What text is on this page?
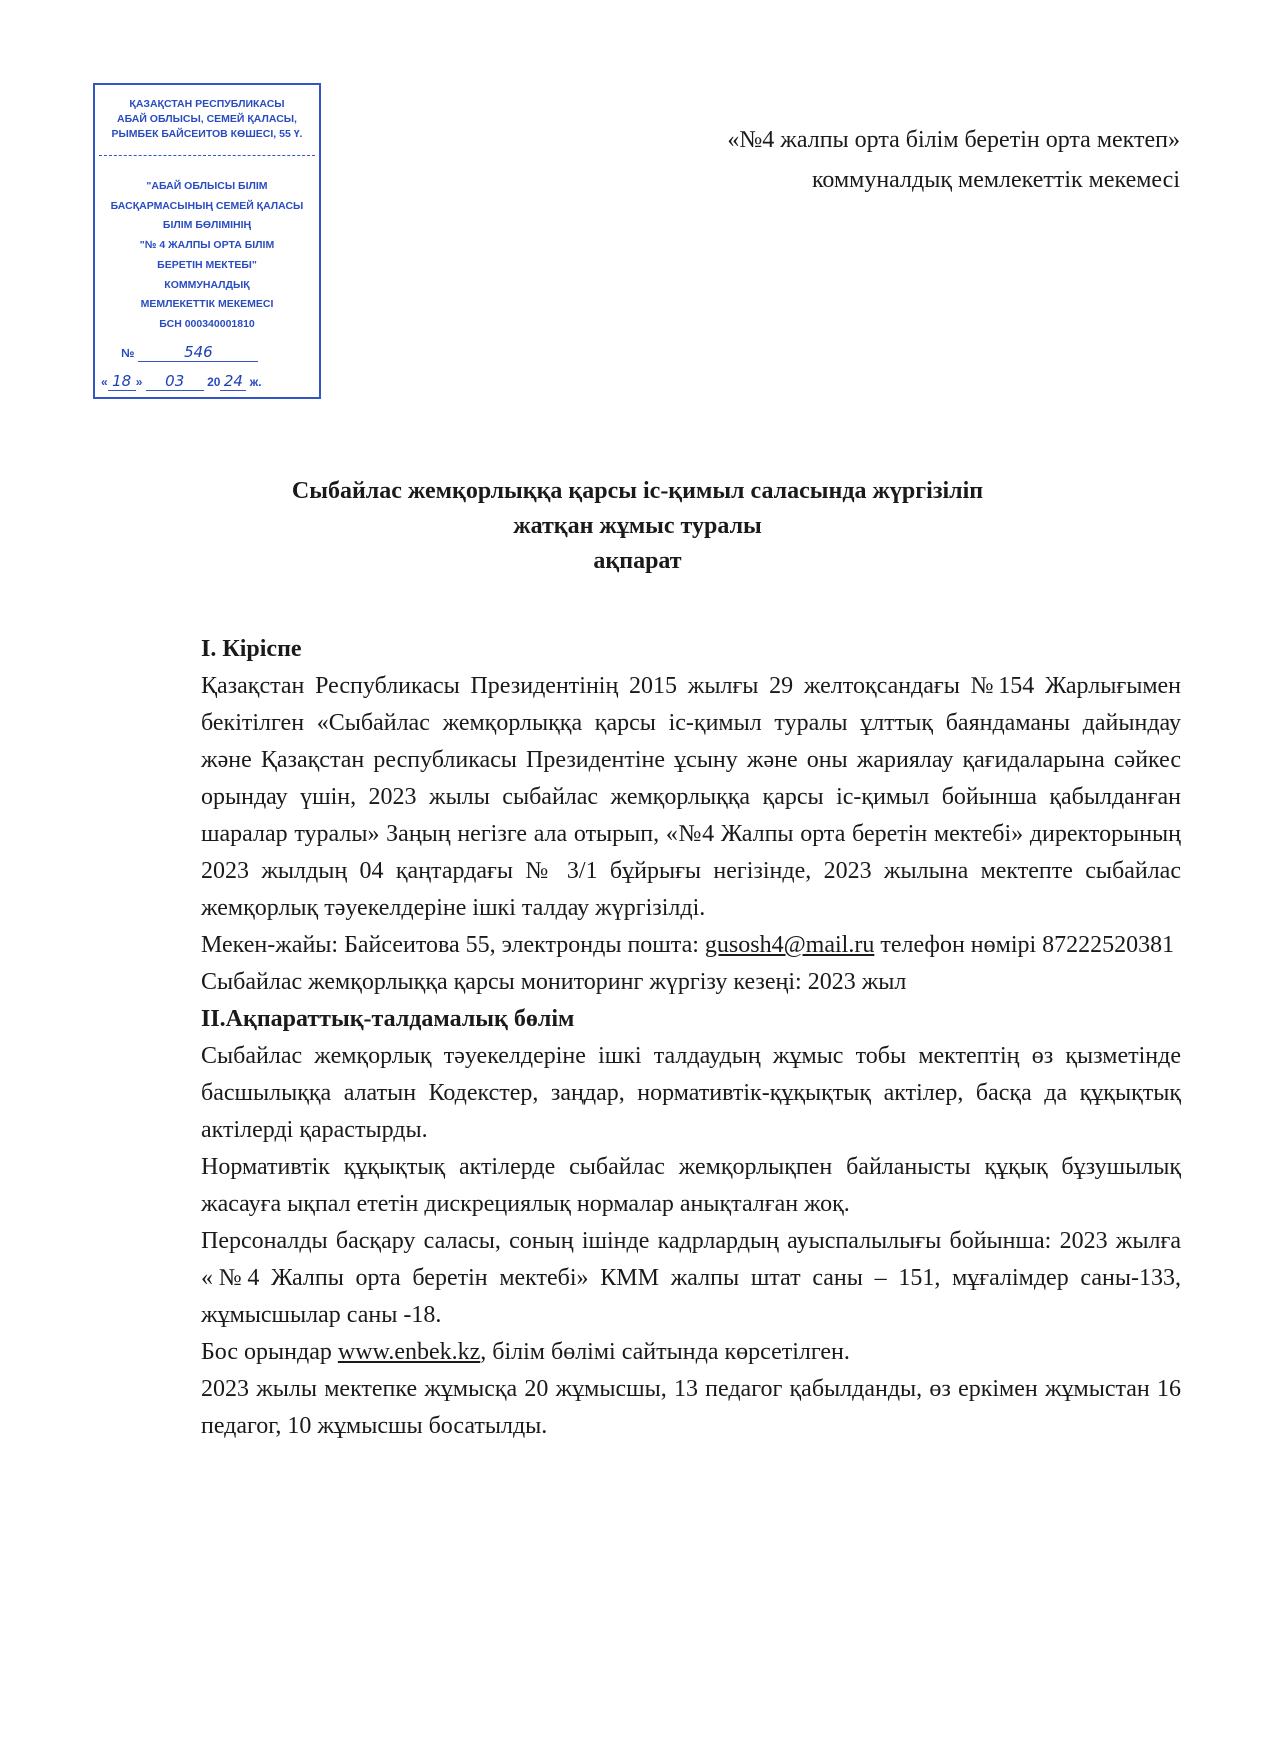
ҚАЗАҚСТАН РЕСПУБЛИКАСЫ
АБАЙ ОБЛЫСЫ, СЕМЕЙ ҚАЛАСЫ,
РЫМБЕК БАЙСЕИТОВ КӨШЕСІ, 55 Ү.
"АБАЙ ОБЛЫСЫ БІЛІМ
БАСҚАРМАСЫНЫҢ СЕМЕЙ ҚАЛАСЫ
БІЛІМ БӨЛІМІНІҢ
"№ 4 ЖАЛПЫ ОРТА БІЛІМ
БЕРЕТІН МЕКТЕБІ"
КОММУНАЛДЫҚ
МЕМЛЕКЕТТІК МЕКЕМЕСІ
БСН 000340001810
№	546
« 18 » 03 20 24 ж.
«№4 жалпы орта білім беретін орта мектеп»
коммуналдық мемлекеттік мекемесі
Сыбайлас жемқорлыққа қарсы іс-қимыл саласында жүргізіліп
жатқан жұмыс туралы
ақпарат
I. Кіріспе

Қазақстан Республикасы Президентінің 2015 жылғы 29 желтоқсандағы №154 Жарлығымен бекітілген «Сыбайлас жемқорлыққа қарсы іс-қимыл туралы ұлттық баяндаманы дайындау және Қазақстан республикасы Президентіне ұсыну және оны жариялау қағидаларына сәйкес орындау үшін, 2023 жылы сыбайлас жемқорлыққа қарсы іс-қимыл бойынша қабылданған шаралар туралы» Заңың негізге ала отырып, «№4 Жалпы орта беретін мектебі» директорының 2023 жылдың 04 қаңтардағы № 3/1 бұйрығы негізінде, 2023 жылына мектепте сыбайлас жемқорлық тәуекелдеріне ішкі талдау жүргізілді.

Мекен-жайы: Байсеитова 55, электронды пошта: gusosh4@mail.ru телефон нөмірі 87222520381

Сыбайлас жемқорлыққа қарсы мониторинг жүргізу кезеңі: 2023 жыл

II.Ақпараттық-талдамалық бөлім

Сыбайлас жемқорлық тәуекелдеріне ішкі талдаудың жұмыс тобы мектептің өз қызметінде басшылыққа алатын Кодекстер, заңдар, нормативтік-құқықтық актілер, басқа да құқықтық актілерді қарастырды.

Нормативтік құқықтық актілерде сыбайлас жемқорлықпен байланысты құқық бұзушылық жасауға ықпал ететін дискрециялық нормалар анықталған жоқ.

Персоналды басқару саласы, соның ішінде кадрлардың ауыспалылығы бойынша: 2023 жылға «№4 Жалпы орта беретін мектебі» КММ жалпы штат саны – 151, мұғалімдер саны-133, жұмысшылар саны -18.

Бос орындар www.enbek.kz, білім бөлімі сайтында көрсетілген.

2023 жылы мектепке жұмысқа 20 жұмысшы, 13 педагог қабылданды, өз еркімен жұмыстан 16 педагог, 10 жұмысшы босатылды.
